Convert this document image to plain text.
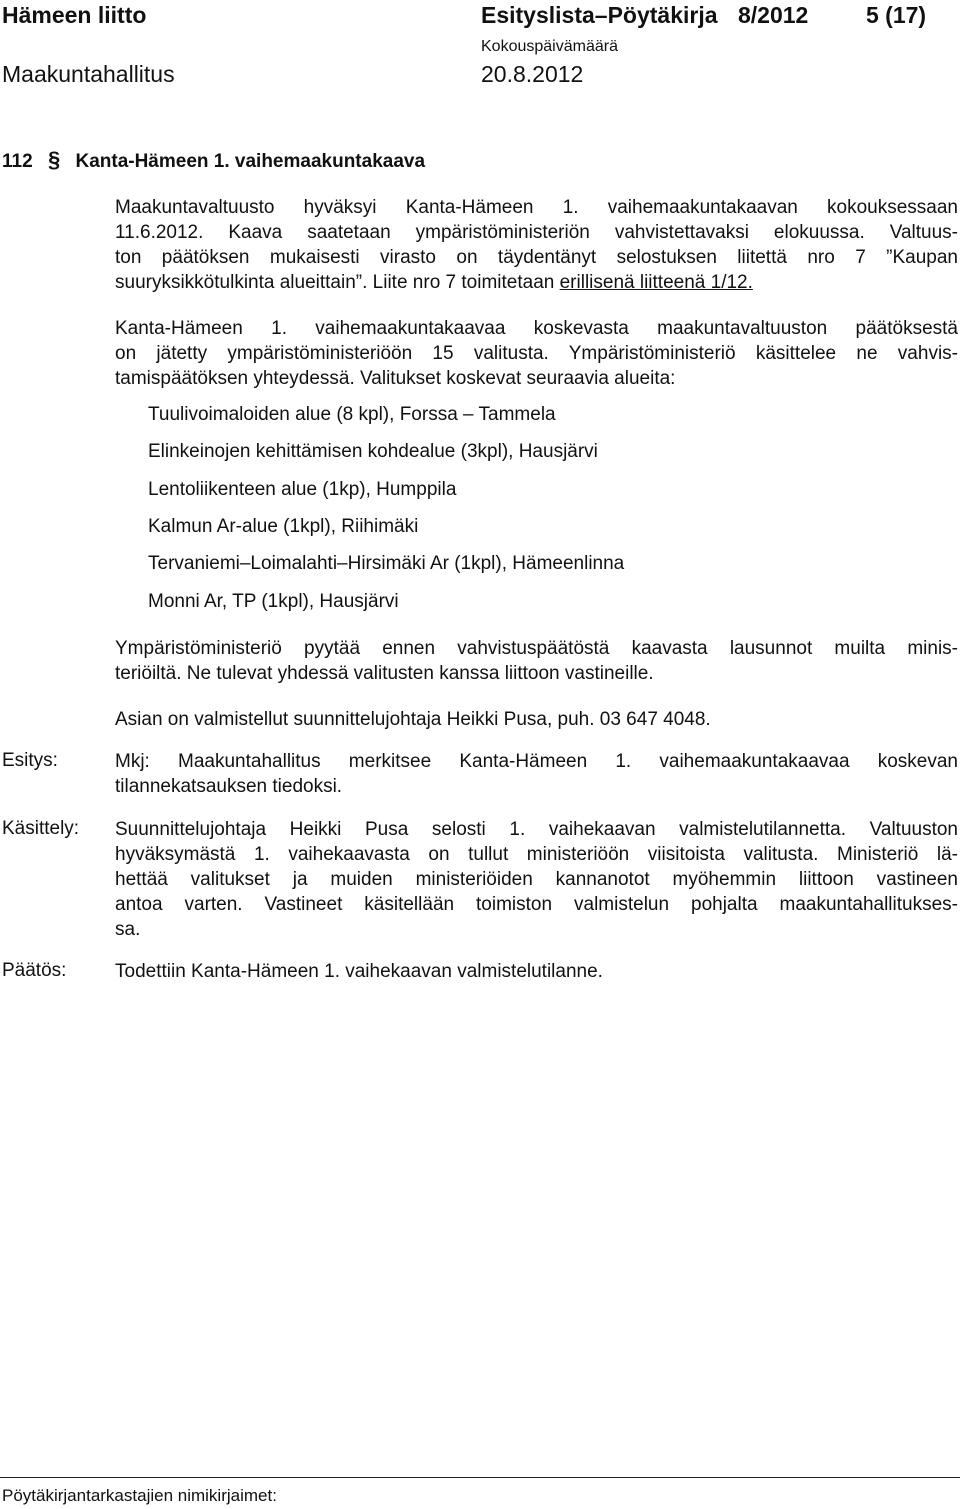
Hämeen liitto	Esityslista–Pöytäkirja 8/2012	5 (17)
Kokouspäivämäärä
Maakuntahallitus	20.8.2012
112 § Kanta-Hämeen 1. vaihemaakuntakaava
Maakuntavaltuusto hyväksyi Kanta-Hämeen 1. vaihemaakuntakaavan kokouksessaan
11.6.2012. Kaava saatetaan ympäristöministeriön vahvistettavaksi elokuussa. Valtuus-
ton päätöksen mukaisesti virasto on täydentänyt selostuksen liitettä nro 7 ”Kaupan
suuryksikkötulkinta alueittain”. Liite nro 7 toimitetaan erillisenä liitteenä 1/12.
Kanta-Hämeen 1. vaihemaakuntakaavaa koskevasta maakuntavaltuuston päätöksestä
on jätetty ympäristöministeriöön 15 valitusta. Ympäristöministeriö käsittelee ne vahvis-
tamispäätöksen yhteydessä. Valitukset koskevat seuraavia alueita:
Tuulivoimaloiden alue (8 kpl), Forssa – Tammela
Elinkeinojen kehittämisen kohdealue (3kpl), Hausjärvi
Lentoliikenteen alue (1kp), Humppila
Kalmun Ar-alue (1kpl), Riihimäki
Tervaniemi–Loimalahti–Hirsimäki Ar (1kpl), Hämeenlinna
Monni Ar, TP (1kpl), Hausjärvi
Ympäristöministeriö pyytää ennen vahvistuspäätöstä kaavasta lausunnot muilta minis-
teriöiltä. Ne tulevat yhdessä valitusten kanssa liittoon vastineille.
Asian on valmistellut suunnittelujohtaja Heikki Pusa, puh. 03 647 4048.
Esitys:	Mkj: Maakuntahallitus merkitsee Kanta-Hämeen 1. vaihemaakuntakaavaa koskevan
tilannekatsauksen tiedoksi.
Käsittely: Suunnittelujohtaja Heikki Pusa selosti 1. vaihekaavan valmistelutilannetta. Valtuuston
hyväksymästä 1. vaihekaavasta on tullut ministeriöön viisitoista valitusta. Ministeriö lä-
hettää valitukset ja muiden ministeriöiden kannanotot myöhemmin liittoon vastineen
antoa varten. Vastineet käsitellään toimiston valmistelun pohjalta maakuntahallitukses-
sa.
Päätös:	Todettiin Kanta-Hämeen 1. vaihekaavan valmistelutilanne.
Pöytäkirjantarkastajien nimikirjaimet:
